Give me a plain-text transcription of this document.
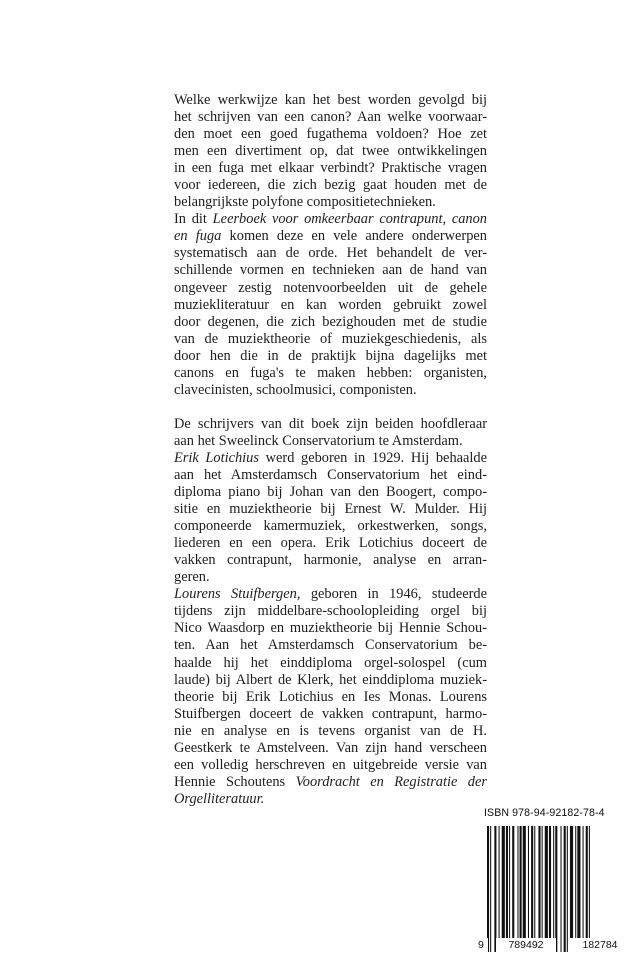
Welke werkwijze kan het best worden gevolgd bij
het schrijven van een canon? Aan welke voorwaar-
den moet een goed fugathema voldoen? Hoe zet
men een divertiment op, dat twee ontwikkelingen
in een fuga met elkaar verbindt? Praktische vragen
voor iedereen, die zich bezig gaat houden met de
belangrijkste polyfone compositietechnieken.
In dit Leerboek voor omkeerbaar contrapunt, canon
en fuga komen deze en vele andere onderwerpen
systematisch aan de orde. Het behandelt de ver-
schillende vormen en technieken aan de hand van
ongeveer zestig notenvoorbeelden uit de gehele
muziekliteratuur en kan worden gebruikt zowel
door degenen, die zich bezighouden met de studie
van de muziektheorie of muziekgeschiedenis, als
door hen die in de praktijk bijna dagelijks met
canons en fuga's te maken hebben: organisten,
clavecinisten, schoolmusici, componisten.
De schrijvers van dit boek zijn beiden hoofdleraar
aan het Sweelinck Conservatorium te Amsterdam.
Erik Lotichius werd geboren in 1929. Hij behaalde
aan het Amsterdamsch Conservatorium het eind-
diploma piano bij Johan van den Boogert, compo-
sitie en muziektheorie bij Ernest W. Mulder. Hij
componeerde kamermuziek, orkestwerken, songs,
liederen en een opera. Erik Lotichius doceert de
vakken contrapunt, harmonie, analyse en arran-
geren.
Lourens Stuifbergen, geboren in 1946, studeerde
tijdens zijn middelbare-schoolopleiding orgel bij
Nico Waasdorp en muziektheorie bij Hennie Schou-
ten. Aan het Amsterdamsch Conservatorium be-
haalde hij het einddiploma orgel-solospel (cum
laude) bij Albert de Klerk, het einddiploma muziek-
theorie bij Erik Lotichius en Ies Monas. Lourens
Stuifbergen doceert de vakken contrapunt, harmo-
nie en analyse en is tevens organist van de H.
Geestkerk te Amstelveen. Van zijn hand verscheen
een volledig herschreven en uitgebreide versie van
Hennie Schoutens Voordracht en Registratie der
Orgelliteratuur.
ISBN 978-94-92182-78-4
9	789492	182784
